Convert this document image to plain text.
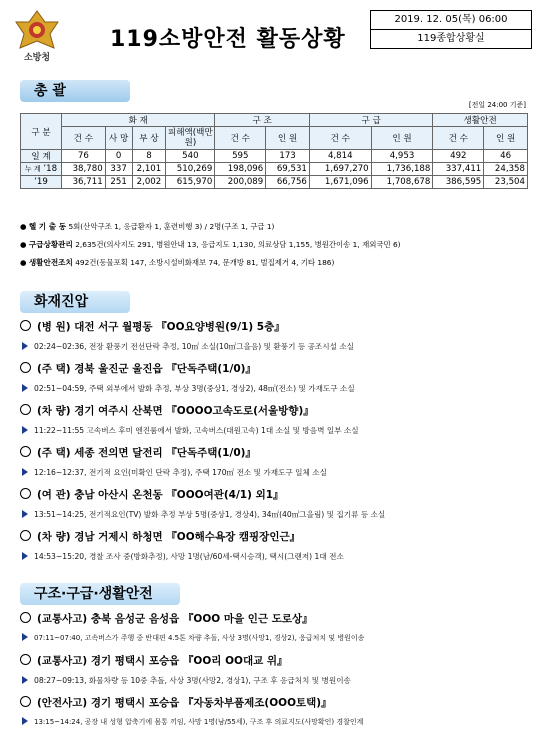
소방청
119소방안전 활동상황
2019. 12. 05(목) 06:00
119종합상황실
총 괄
[전일 24:00 기준]
구 분	화 재				구 조		구 급		생활안전	
	건 수	사 망	부 상	피해액(백만원)	건 수	인 원	건 수	인 원	건 수	인 원
일 계	76	0	8	540	595	173	4,814	4,953	492	46
누 계 ’18	38,780	337	2,101	510,269	198,096	69,531	1,697,270	1,736,188	337,411	24,358
’19	36,711	251	2,002	615,970	200,089	66,756	1,671,096	1,708,678	386,595	23,504
● 헬 기 출 동 5회(산악구조 1, 응급환자 1, 훈련비행 3) / 2명(구조 1, 구급 1)
● 구급상황관리 2,635건(의사지도 291, 병원안내 13, 응급지도 1,130, 의료상담 1,155, 병원간이송 1, 재외국민 6)
● 생활안전조치 492건(동물포획 147, 소방시설비화재보 74, 문개방 81, 벌집제거 4, 기타 186)
화재진압
(병 원) 대전 서구 월평동 『OO요양병원(9/1) 5층』
02:24~02:36, 전장 환풍기 전선단락 추정, 10㎡ 소실(10㎡그을음) 및 환풍기 등 공조시설 소실
(주 택) 경북 울진군 울진읍 『단독주택(1/0)』
02:51~04:59, 주택 외부에서 발화 추정, 부상 3명(중상1, 경상2), 48㎡(전소) 및 가재도구 소실
(차 량) 경기 여주시 산북면 『OOOO고속도로(서울방향)』
11:22~11:55 고속버스 후미 엔진룸에서 발화, 고속버스(대원고속) 1대 소실 및 방음벽 일부 소실
(주 택) 세종 전의면 달전리 『단독주택(1/0)』
12:16~12:37, 전기적 요인(미확인 단락 추정), 주택 170㎡ 전소 및 가재도구 일체 소실
(여 관) 충남 아산시 온천동 『OOO여관(4/1) 외1』
13:51~14:25, 전기적요인(TV) 발화 추정 부상 5명(중상1, 경상4), 34㎡(40㎡그을림) 및 집기류 등 소실
(차 량) 경남 거제시 하청면 『OO해수욕장 캠핑장인근』
14:53~15:20, 경찰 조사 중(방화추정), 사망 1명(남/60세-택시승객), 택시(그랜저) 1대 전소
구조·구급·생활안전
(교통사고) 충북 음성군 음성읍 『OOO 마을 인근 도로상』
07:11~07:40, 고속버스가 주행 중 반대편 4.5톤 차량 추돌, 사상 3명(사망1, 경상2), 응급처치 및 병원이송
(교통사고) 경기 평택시 포승읍 『OO리 OO대교 위』
08:27~09:13, 화물차량 등 10중 추돌, 사상 3명(사망2, 경상1), 구조 후 응급처치 및 병원이송
(안전사고) 경기 평택시 포승읍 『자동차부품제조(OOO토택)』
13:15~14:24, 공장 내 성형 압축기에 몸통 끼임, 사망 1명(남/55세), 구조 후 의료지도(사망확인) 경찰인계
